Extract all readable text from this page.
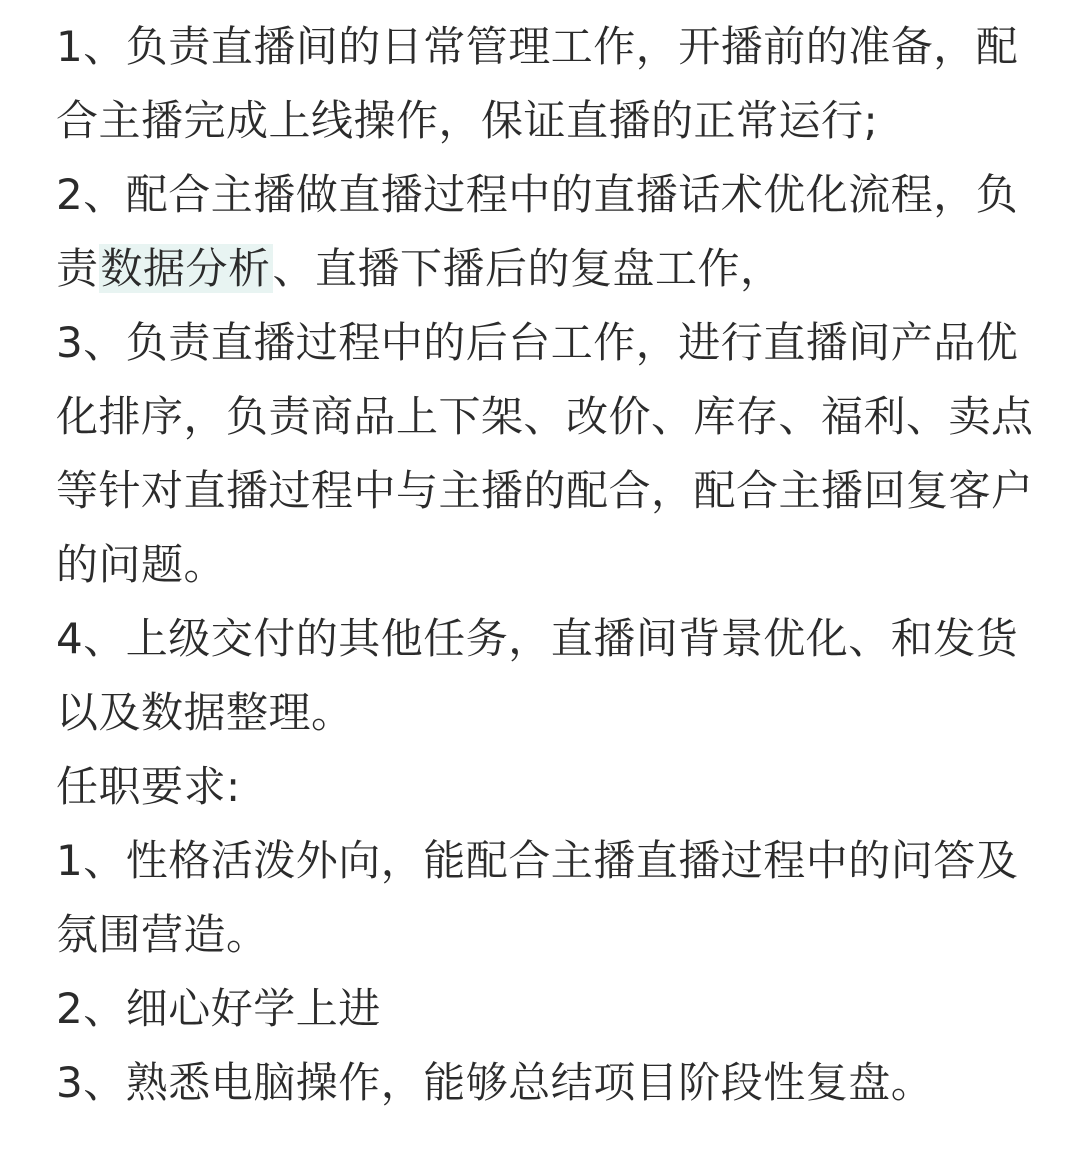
1、负责直播间的日常管理工作，开播前的准备，配合主播完成上线操作，保证直播的正常运行;

2、配合主播做直播过程中的直播话术优化流程，负责数据分析、直播下播后的复盘工作，

3、负责直播过程中的后台工作，进行直播间产品优化排序，负责商品上下架、改价、库存、福利、卖点等针对直播过程中与主播的配合，配合主播回复客户的问题。

4、上级交付的其他任务，直播间背景优化、和发货以及数据整理。

任职要求:

1、性格活泼外向，能配合主播直播过程中的问答及氛围营造。

2、细心好学上进

3、熟悉电脑操作，能够总结项目阶段性复盘。
